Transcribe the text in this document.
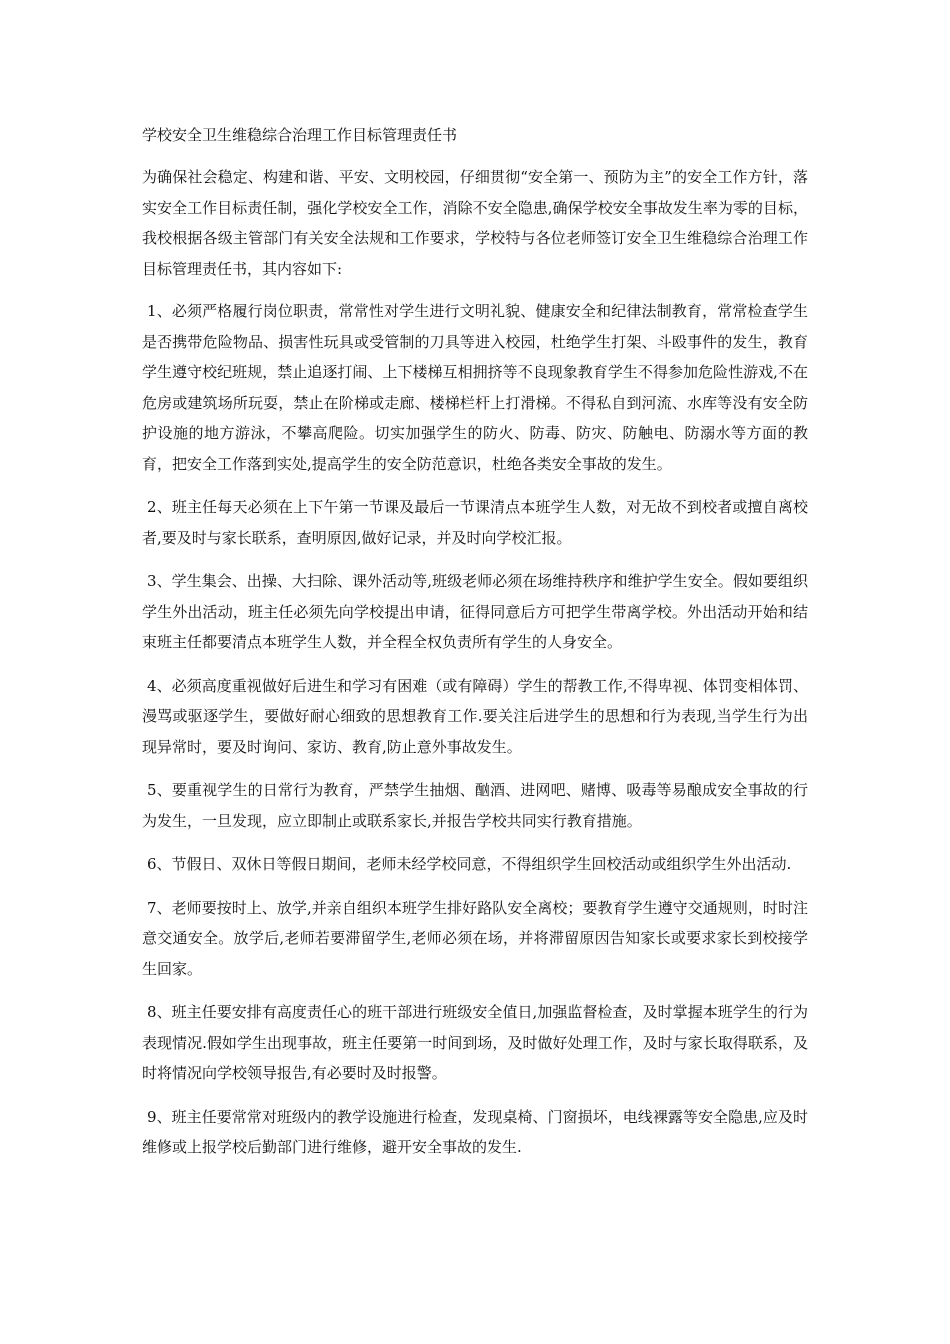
学校安全卫生维稳综合治理工作目标管理责任书

为确保社会稳定、构建和谐、平安、文明校园，仔细贯彻“安全第一、预防为主”的安全工作方针，落实安全工作目标责任制，强化学校安全工作，消除不安全隐患,确保学校安全事故发生率为零的目标，我校根据各级主管部门有关安全法规和工作要求，学校特与各位老师签订安全卫生维稳综合治理工作目标管理责任书，其内容如下:

1、必须严格履行岗位职责，常常性对学生进行文明礼貌、健康安全和纪律法制教育，常常检查学生是否携带危险物品、损害性玩具或受管制的刀具等进入校园，杜绝学生打架、斗殴事件的发生，教育学生遵守校纪班规，禁止追逐打闹、上下楼梯互相拥挤等不良现象教育学生不得参加危险性游戏,不在危房或建筑场所玩耍，禁止在阶梯或走廊、楼梯栏杆上打滑梯。不得私自到河流、水库等没有安全防护设施的地方游泳，不攀高爬险。切实加强学生的防火、防毒、防灾、防触电、防溺水等方面的教育，把安全工作落到实处,提高学生的安全防范意识，杜绝各类安全事故的发生。

2、班主任每天必须在上下午第一节课及最后一节课清点本班学生人数，对无故不到校者或擅自离校者,要及时与家长联系，查明原因,做好记录，并及时向学校汇报。

3、学生集会、出操、大扫除、课外活动等,班级老师必须在场维持秩序和维护学生安全。假如要组织学生外出活动，班主任必须先向学校提出申请，征得同意后方可把学生带离学校。外出活动开始和结束班主任都要清点本班学生人数，并全程全权负责所有学生的人身安全。

4、必须高度重视做好后进生和学习有困难（或有障碍）学生的帮教工作,不得卑视、体罚变相体罚、漫骂或驱逐学生，要做好耐心细致的思想教育工作.要关注后进学生的思想和行为表现,当学生行为出现异常时，要及时询问、家访、教育,防止意外事故发生。

5、要重视学生的日常行为教育，严禁学生抽烟、酗酒、进网吧、赌博、吸毒等易酿成安全事故的行为发生，一旦发现，应立即制止或联系家长,并报告学校共同实行教育措施。

6、节假日、双休日等假日期间，老师未经学校同意，不得组织学生回校活动或组织学生外出活动.

7、老师要按时上、放学,并亲自组织本班学生排好路队安全离校；要教育学生遵守交通规则，时时注意交通安全。放学后,老师若要滞留学生,老师必须在场，并将滞留原因告知家长或要求家长到校接学生回家。

8、班主任要安排有高度责任心的班干部进行班级安全值日,加强监督检查，及时掌握本班学生的行为表现情况.假如学生出现事故，班主任要第一时间到场，及时做好处理工作，及时与家长取得联系，及时将情况向学校领导报告,有必要时及时报警。

9、班主任要常常对班级内的教学设施进行检查，发现桌椅、门窗损坏，电线裸露等安全隐患,应及时维修或上报学校后勤部门进行维修，避开安全事故的发生.
